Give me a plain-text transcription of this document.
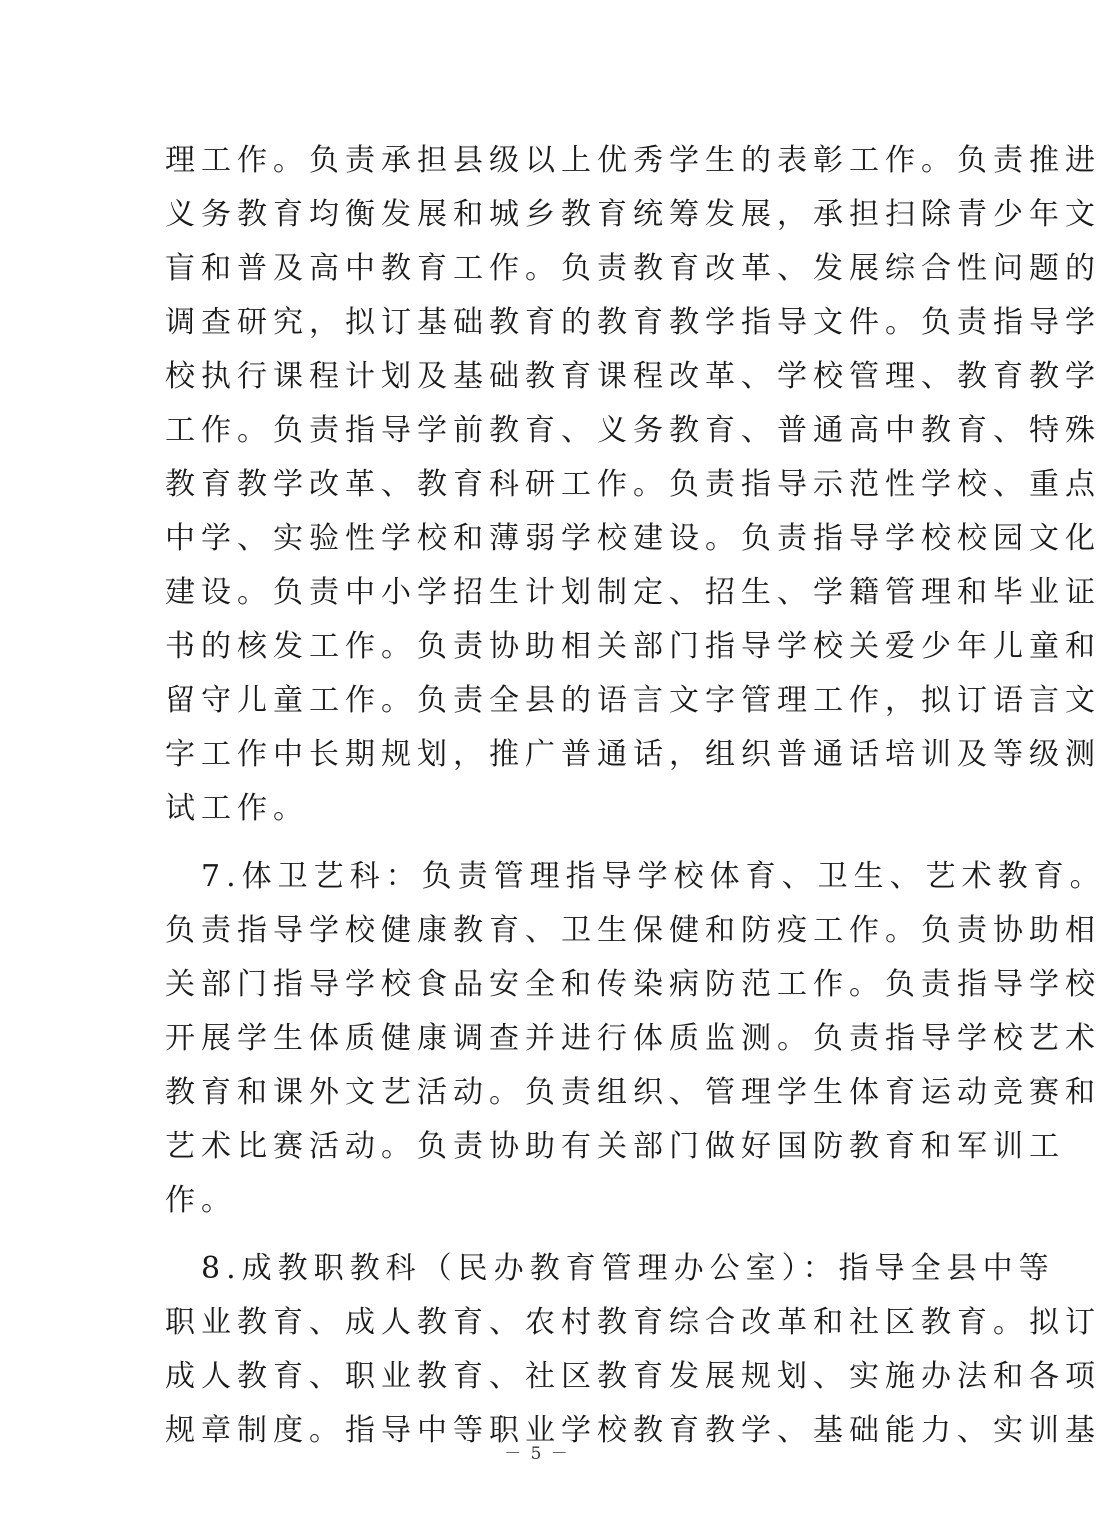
理工作。负责承担县级以上优秀学生的表彰工作。负责推进
义务教育均衡发展和城乡教育统筹发展，承担扫除青少年文
盲和普及高中教育工作。负责教育改革、发展综合性问题的
调查研究，拟订基础教育的教育教学指导文件。负责指导学
校执行课程计划及基础教育课程改革、学校管理、教育教学
工作。负责指导学前教育、义务教育、普通高中教育、特殊
教育教学改革、教育科研工作。负责指导示范性学校、重点
中学、实验性学校和薄弱学校建设。负责指导学校校园文化
建设。负责中小学招生计划制定、招生、学籍管理和毕业证
书的核发工作。负责协助相关部门指导学校关爱少年儿童和
留守儿童工作。负责全县的语言文字管理工作，拟订语言文
字工作中长期规划，推广普通话，组织普通话培训及等级测
试工作。
　7.体卫艺科：负责管理指导学校体育、卫生、艺术教育。
负责指导学校健康教育、卫生保健和防疫工作。负责协助相
关部门指导学校食品安全和传染病防范工作。负责指导学校
开展学生体质健康调查并进行体质监测。负责指导学校艺术
教育和课外文艺活动。负责组织、管理学生体育运动竞赛和
艺术比赛活动。负责协助有关部门做好国防教育和军训工
作。
　8.成教职教科（民办教育管理办公室）：指导全县中等
职业教育、成人教育、农村教育综合改革和社区教育。拟订
成人教育、职业教育、社区教育发展规划、实施办法和各项
规章制度。指导中等职业学校教育教学、基础能力、实训基
－ 5 －
